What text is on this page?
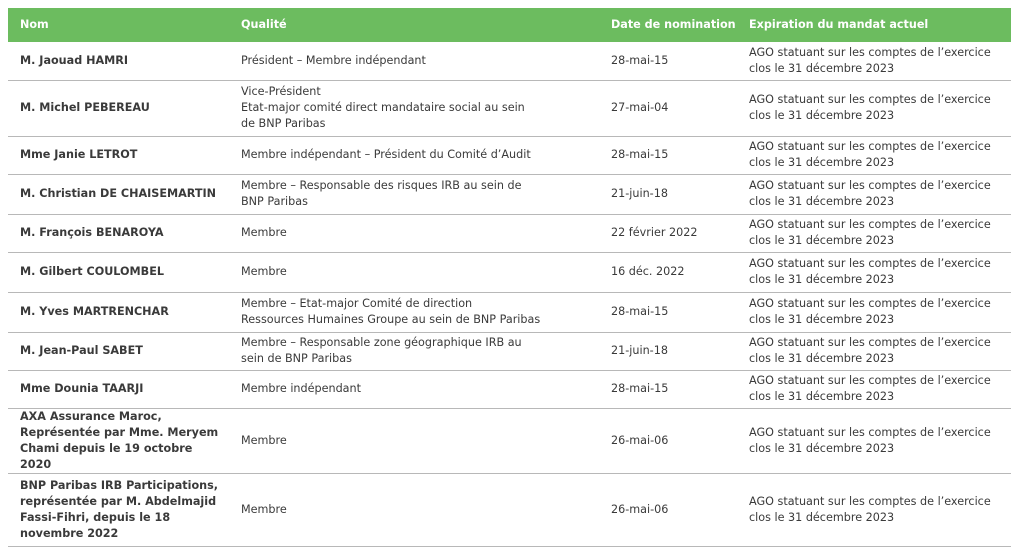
Nom	Qualité	Date de nomination	Expiration du mandat actuel

M. Jaouad HAMRI	Président – Membre indépendant	28-mai-15	AGO statuant sur les comptes de l’exercice
clos le 31 décembre 2023

M. Michel PEBEREAU	Vice-Président
Etat-major comité direct mandataire social au sein
de BNP Paribas	27-mai-04	AGO statuant sur les comptes de l’exercice
clos le 31 décembre 2023

Mme Janie LETROT	Membre indépendant – Président du Comité d’Audit	28-mai-15	AGO statuant sur les comptes de l’exercice
clos le 31 décembre 2023

M. Christian DE CHAISEMARTIN	Membre – Responsable des risques IRB au sein de
BNP Paribas	21-juin-18	AGO statuant sur les comptes de l’exercice
clos le 31 décembre 2023

M. François BENAROYA	Membre	22 février 2022	AGO statuant sur les comptes de l’exercice
clos le 31 décembre 2023

M. Gilbert COULOMBEL	Membre	16 déc. 2022	AGO statuant sur les comptes de l’exercice
clos le 31 décembre 2023

M. Yves MARTRENCHAR	Membre – Etat-major Comité de direction
Ressources Humaines Groupe au sein de BNP Paribas	28-mai-15	AGO statuant sur les comptes de l’exercice
clos le 31 décembre 2023

M. Jean-Paul SABET	Membre – Responsable zone géographique IRB au
sein de BNP Paribas	21-juin-18	AGO statuant sur les comptes de l’exercice
clos le 31 décembre 2023

Mme Dounia TAARJI	Membre indépendant	28-mai-15	AGO statuant sur les comptes de l’exercice
clos le 31 décembre 2023

AXA Assurance Maroc,
Représentée par Mme. Meryem
Chami depuis le 19 octobre 2020	Membre	26-mai-06	AGO statuant sur les comptes de l’exercice
clos le 31 décembre 2023

BNP Paribas IRB Participations,
représentée par M. Abdelmajid
Fassi-Fihri, depuis le 18
novembre 2022	Membre	26-mai-06	AGO statuant sur les comptes de l’exercice
clos le 31 décembre 2023
